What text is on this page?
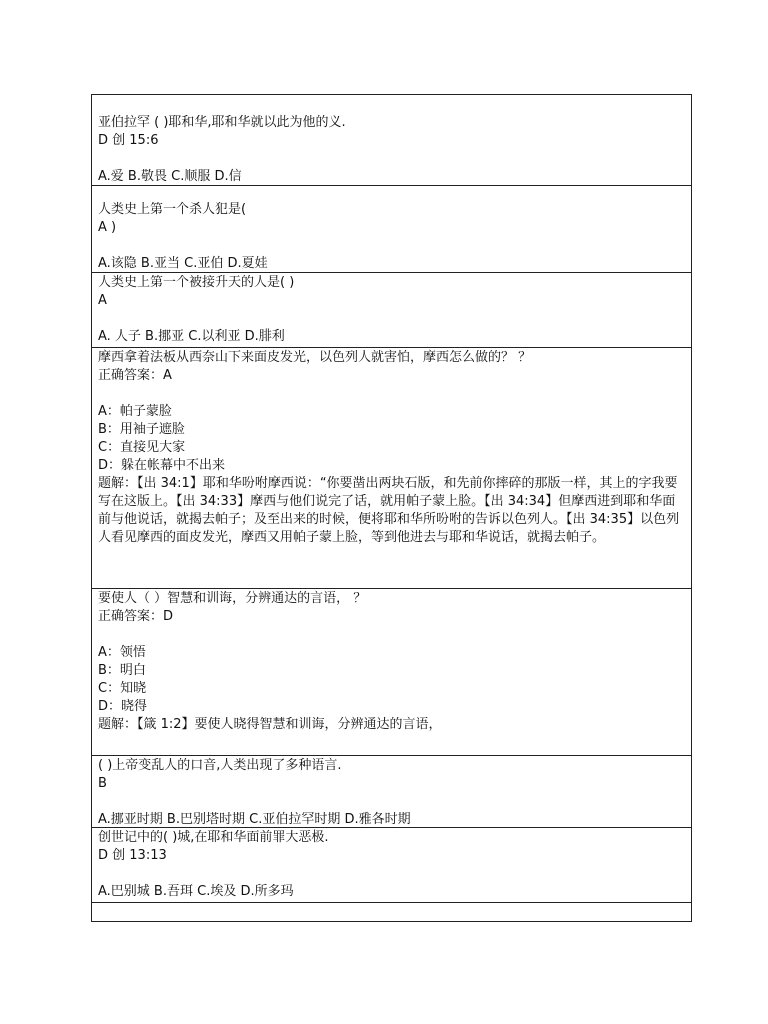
亚伯拉罕 ( )耶和华,耶和华就以此为他的义.
D 创 15:6
A.爱 B.敬畏 C.顺服 D.信
人类史上第一个杀人犯是(
A )
A.该隐 B.亚当 C.亚伯 D.夏娃
人类史上第一个被接升天的人是( )
A
A. 人子 B.挪亚 C.以利亚 D.腓利
摩西拿着法板从西奈山下来面皮发光，以色列人就害怕，摩西怎么做的？ ？
正确答案：A
A：帕子蒙脸
B：用袖子遮脸
C：直接见大家
D：躲在帐幕中不出来
题解：【出 34:1】耶和华吩咐摩西说：“你要凿出两块石版，和先前你摔碎的那版一样，其上的字我要写在这版上。【出 34:33】摩西与他们说完了话，就用帕子蒙上脸。【出 34:34】但摩西进到耶和华面前与他说话，就揭去帕子；及至出来的时候，便将耶和华所吩咐的告诉以色列人。【出 34:35】以色列人看见摩西的面皮发光，摩西又用帕子蒙上脸，等到他进去与耶和华说话，就揭去帕子。
要使人（ ）智慧和训诲，分辨通达的言语， ？
正确答案：D
A：领悟
B：明白
C：知晓
D：晓得
题解：【箴 1:2】要使人晓得智慧和训诲，分辨通达的言语，
( )上帝变乱人的口音,人类出现了多种语言.
B
A.挪亚时期 B.巴别塔时期 C.亚伯拉罕时期 D.雅各时期
创世记中的( )城,在耶和华面前罪大恶极.
D 创 13:13
A.巴别城 B.吾珥 C.埃及 D.所多玛
